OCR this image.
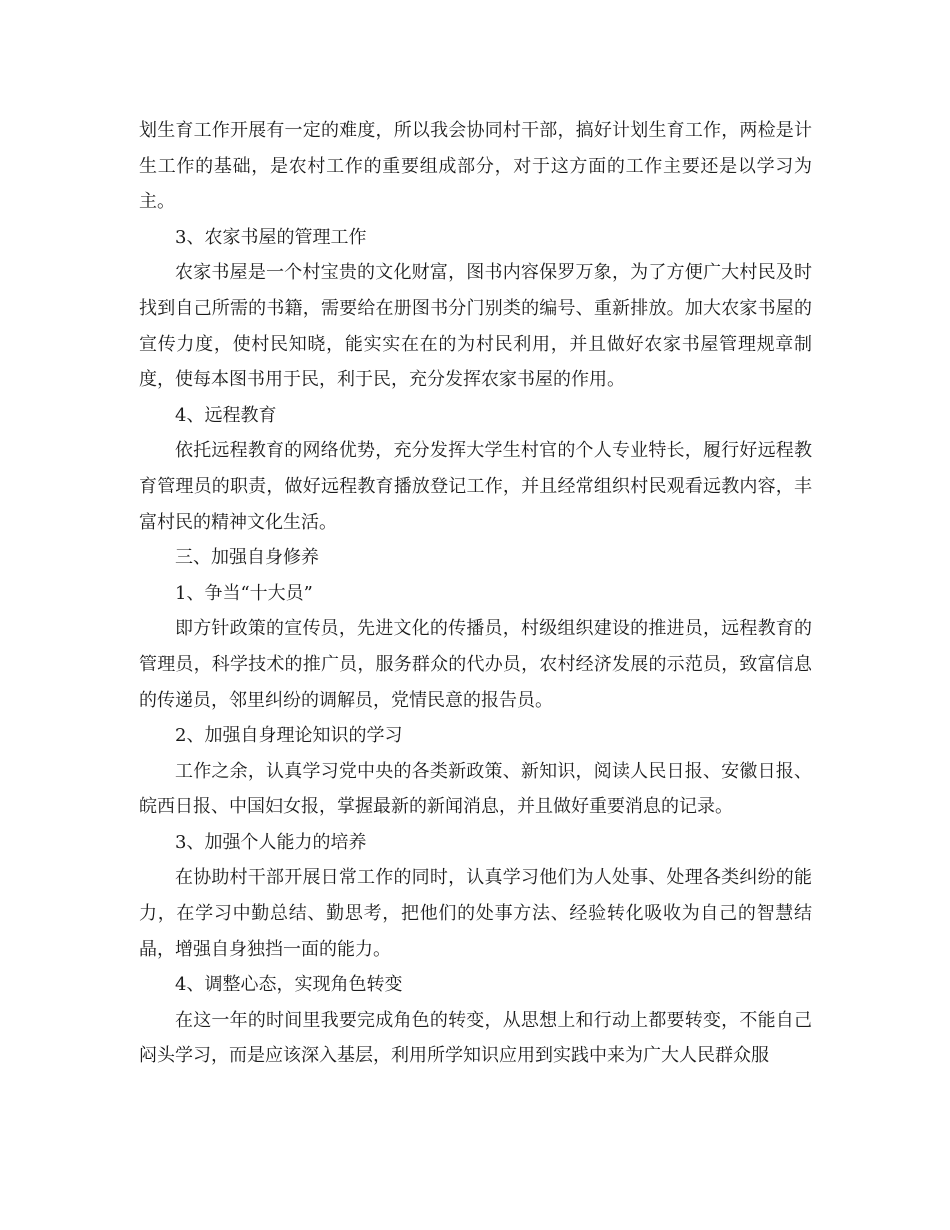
划生育工作开展有一定的难度，所以我会协同村干部，搞好计划生育工作，两检是计生工作的基础，是农村工作的重要组成部分，对于这方面的工作主要还是以学习为主。

3、农家书屋的管理工作

农家书屋是一个村宝贵的文化财富，图书内容保罗万象，为了方便广大村民及时找到自己所需的书籍，需要给在册图书分门别类的编号、重新排放。加大农家书屋的宣传力度，使村民知晓，能实实在在的为村民利用，并且做好农家书屋管理规章制度，使每本图书用于民，利于民，充分发挥农家书屋的作用。

4、远程教育

依托远程教育的网络优势，充分发挥大学生村官的个人专业特长，履行好远程教育管理员的职责，做好远程教育播放登记工作，并且经常组织村民观看远教内容，丰富村民的精神文化生活。

三、加强自身修养

1、争当“十大员”

即方针政策的宣传员，先进文化的传播员，村级组织建设的推进员，远程教育的管理员，科学技术的推广员，服务群众的代办员，农村经济发展的示范员，致富信息的传递员，邻里纠纷的调解员，党情民意的报告员。

2、加强自身理论知识的学习

工作之余，认真学习党中央的各类新政策、新知识，阅读人民日报、安徽日报、皖西日报、中国妇女报，掌握最新的新闻消息，并且做好重要消息的记录。

3、加强个人能力的培养

在协助村干部开展日常工作的同时，认真学习他们为人处事、处理各类纠纷的能力，在学习中勤总结、勤思考，把他们的处事方法、经验转化吸收为自己的智慧结晶，增强自身独挡一面的能力。

4、调整心态，实现角色转变

在这一年的时间里我要完成角色的转变，从思想上和行动上都要转变，不能自己闷头学习，而是应该深入基层，利用所学知识应用到实践中来为广大人民群众服
